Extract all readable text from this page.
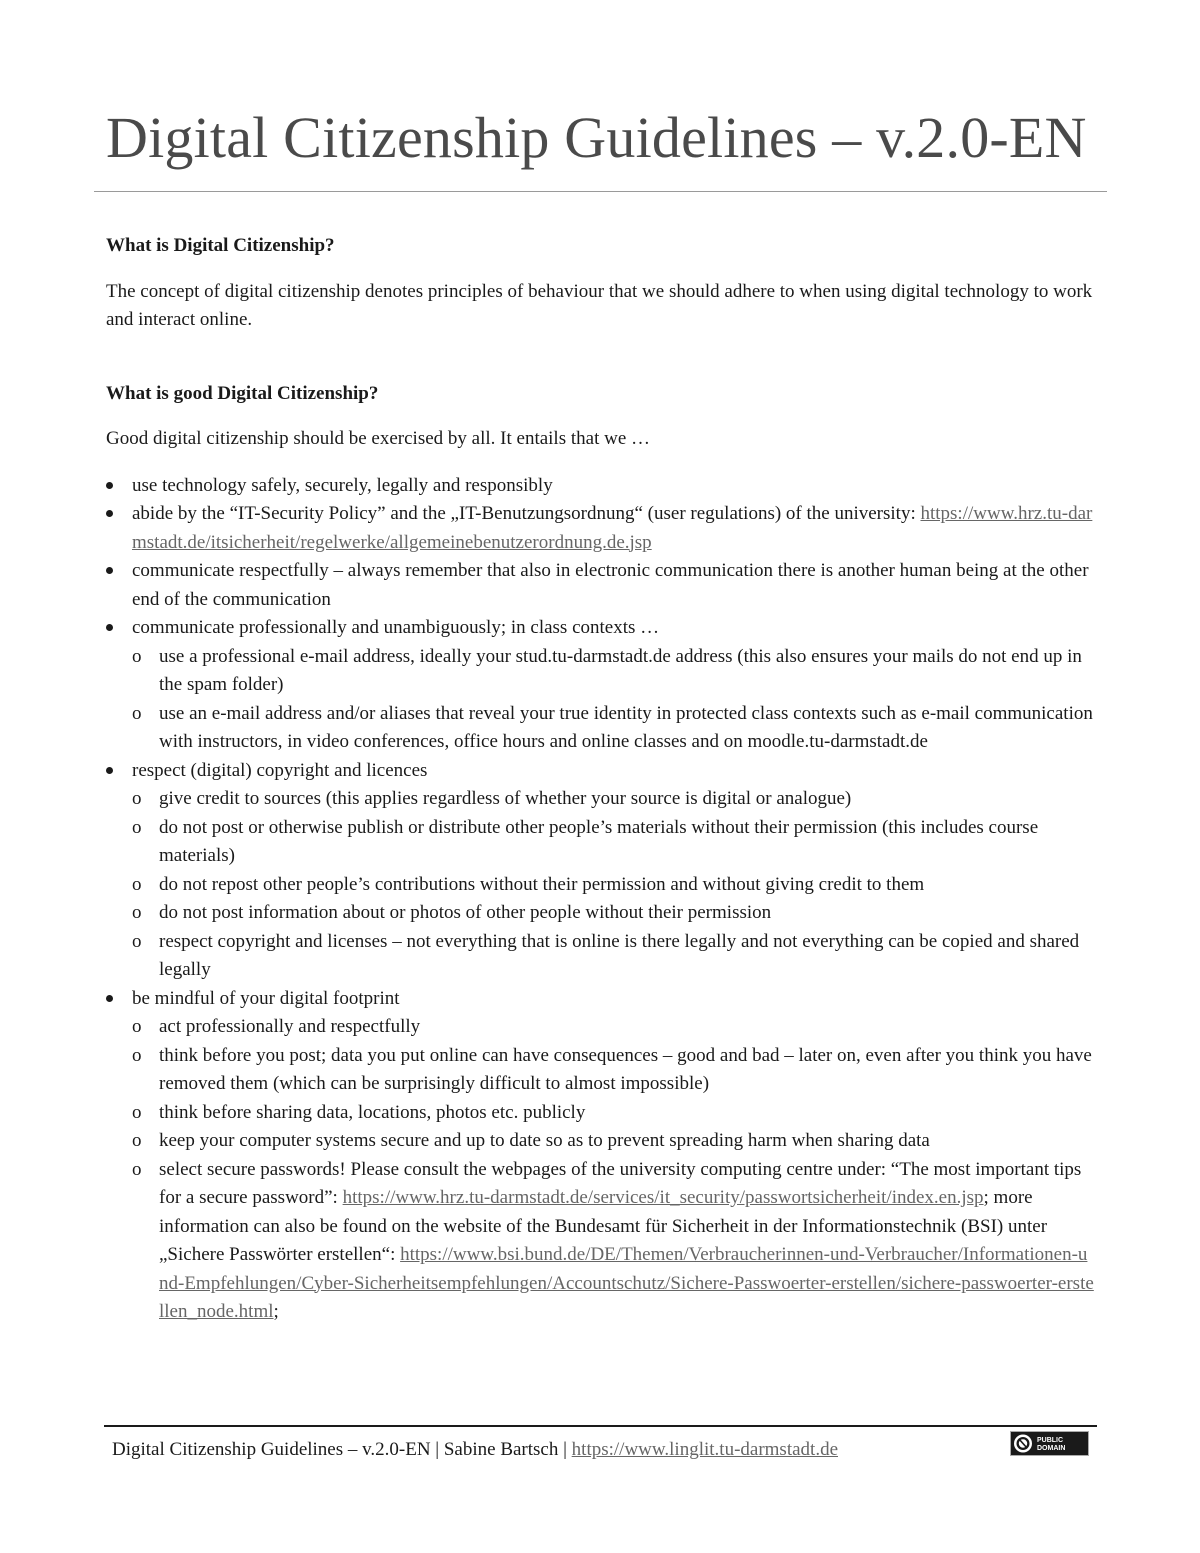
Digital Citizenship Guidelines – v.2.0-EN
What is Digital Citizenship?

The concept of digital citizenship denotes principles of behaviour that we should adhere to when using digital technology to work and interact online.

What is good Digital Citizenship?

Good digital citizenship should be exercised by all. It entails that we …

use technology safely, securely, legally and responsibly
abide by the “IT-Security Policy” and the „IT-Benutzungsordnung“ (user regulations) of the university: https://www.hrz.tu-darmstadt.de/itsicherheit/regelwerke/allgemeinebenutzerordnung.de.jsp
communicate respectfully – always remember that also in electronic communication there is another human being at the other end of the communication
communicate professionally and unambiguously; in class contexts …
o use a professional e-mail address, ideally your stud.tu-darmstadt.de address (this also ensures your mails do not end up in the spam folder)
o use an e-mail address and/or aliases that reveal your true identity in protected class contexts such as e-mail communication with instructors, in video conferences, office hours and online classes and on moodle.tu-darmstadt.de
respect (digital) copyright and licences
o give credit to sources (this applies regardless of whether your source is digital or analogue)
o do not post or otherwise publish or distribute other people’s materials without their permission (this includes course materials)
o do not repost other people’s contributions without their permission and without giving credit to them
o do not post information about or photos of other people without their permission
o respect copyright and licenses – not everything that is online is there legally and not everything can be copied and shared legally
be mindful of your digital footprint
o act professionally and respectfully
o think before you post; data you put online can have consequences – good and bad – later on, even after you think you have removed them (which can be surprisingly difficult to almost impossible)
o think before sharing data, locations, photos etc. publicly
o keep your computer systems secure and up to date so as to prevent spreading harm when sharing data
o select secure passwords! Please consult the webpages of the university computing centre under: “The most important tips for a secure password”: https://www.hrz.tu-darmstadt.de/services/it_security/passwortsicherheit/index.en.jsp; more information can also be found on the website of the Bundesamt für Sicherheit in der Informationstechnik (BSI) unter „Sichere Passwörter erstellen“: https://www.bsi.bund.de/DE/Themen/Verbraucherinnen-und-Verbraucher/Informationen-und-Empfehlungen/Cyber-Sicherheitsempfehlungen/Accountschutz/Sichere-Passwoerter-erstellen/sichere-passwoerter-erstellen_node.html;
Digital Citizenship Guidelines – v.2.0-EN | Sabine Bartsch | https://www.linglit.tu-darmstadt.de	PUBLIC
DOMAIN
